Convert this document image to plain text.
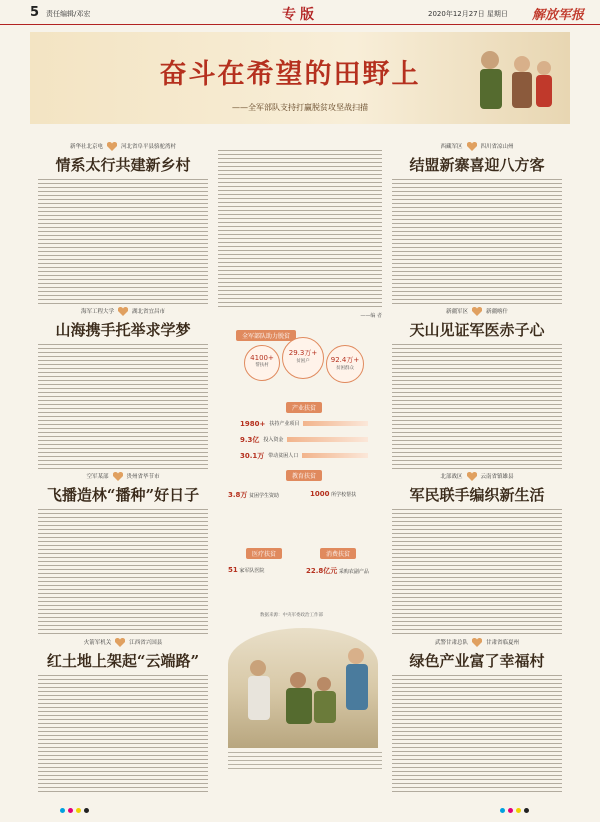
5 责任编辑/邓宏	专版	2020年12月27日 星期日 解放军报
奋斗在希望的田野上
——全军部队支持打赢脱贫攻坚战扫描
新华社北京电	河北省阜平县骆驼湾村
情系太行共建新乡村
海军工程大学	湖北省宜昌市
山海携手托举求学梦
空军某部	贵州省毕节市
飞播造林“播种”好日子
火箭军机关	江西省兴国县
红土地上架起“云端路”
西藏军区	四川省凉山州
结盟新寨喜迎八方客
新疆军区	新疆喀什
天山见证军医赤子心
北部战区	云南省镇雄县
军民联手编织新生活
武警甘肃总队	甘肃省临夏州
绿色产业富了幸福村
——编 者
全军部队助力脱贫
4100+
帮扶村
29.3万+
贫困户	92.4万+
贫困群众
产业扶贫
1980+ 扶持产业项目
9.3亿 投入资金
30.1万 带动贫困人口
教育扶贫
3.8万 贫困学生资助	1000 所学校帮扶
医疗扶贫
51 家军队医院
消费扶贫
22.8亿元 采购农副产品
数据来源：中央军委政治工作部
